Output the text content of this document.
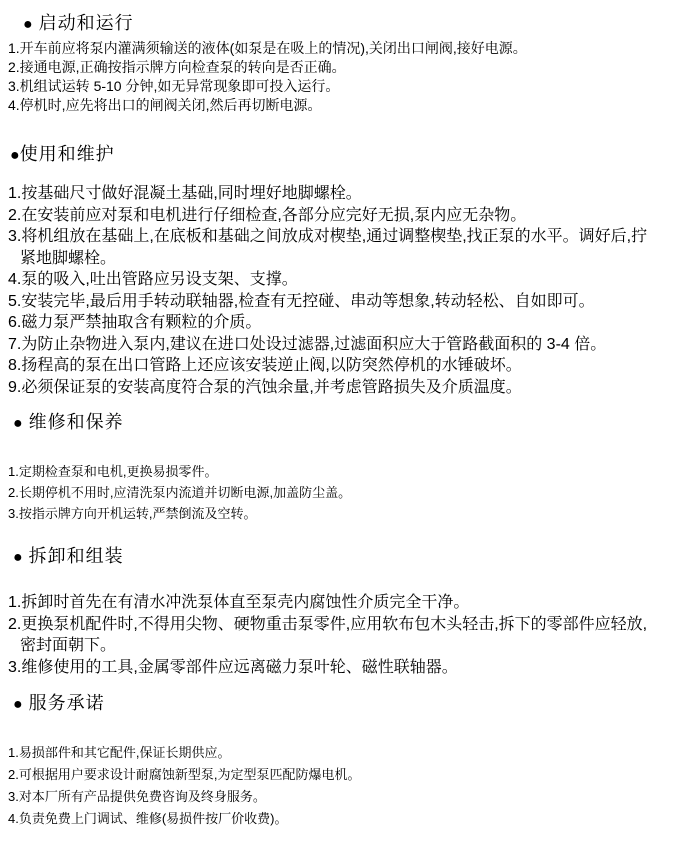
● 启动和运行

1.开车前应将泵内灌满须输送的液体(如泵是在吸上的情况),关闭出口闸阀,接好电源。

2.接通电源,正确按指示牌方向检查泵的转向是否正确。

3.机组试运转 5-10 分钟,如无异常现象即可投入运行。

4.停机时,应先将出口的闸阀关闭,然后再切断电源。

●使用和维护

1.按基础尺寸做好混凝土基础,同时埋好地脚螺栓。

2.在安装前应对泵和电机进行仔细检查,各部分应完好无损,泵内应无杂物。

3.将机组放在基础上,在底板和基础之间放成对楔垫,通过调整楔垫,找正泵的水平。调好后,拧紧地脚螺栓。

4.泵的吸入,吐出管路应另设支架、支撑。

5.安装完毕,最后用手转动联轴器,检查有无控碰、串动等想象,转动轻松、自如即可。

6.磁力泵严禁抽取含有颗粒的介质。

7.为防止杂物进入泵内,建议在进口处设过滤器,过滤面积应大于管路截面积的 3-4 倍。

8.扬程高的泵在出口管路上还应该安装逆止阀,以防突然停机的水锤破坏。

9.必须保证泵的安装高度符合泵的汽蚀余量,并考虑管路损失及介质温度。

● 维修和保养

1.定期检查泵和电机,更换易损零件。

2.长期停机不用时,应清洗泵内流道并切断电源,加盖防尘盖。

3.按指示牌方向开机运转,严禁倒流及空转。

● 拆卸和组装

1.拆卸时首先在有清水冲洗泵体直至泵壳内腐蚀性介质完全干净。

2.更换泵机配件时,不得用尖物、硬物重击泵零件,应用软布包木头轻击,拆下的零部件应轻放,密封面朝下。

3.维修使用的工具,金属零部件应远离磁力泵叶轮、磁性联轴器。

● 服务承诺

1.易损部件和其它配件,保证长期供应。

2.可根据用户要求设计耐腐蚀新型泵,为定型泵匹配防爆电机。

3.对本厂所有产品提供免费咨询及终身服务。

4.负责免费上门调试、维修(易损件按厂价收费)。
